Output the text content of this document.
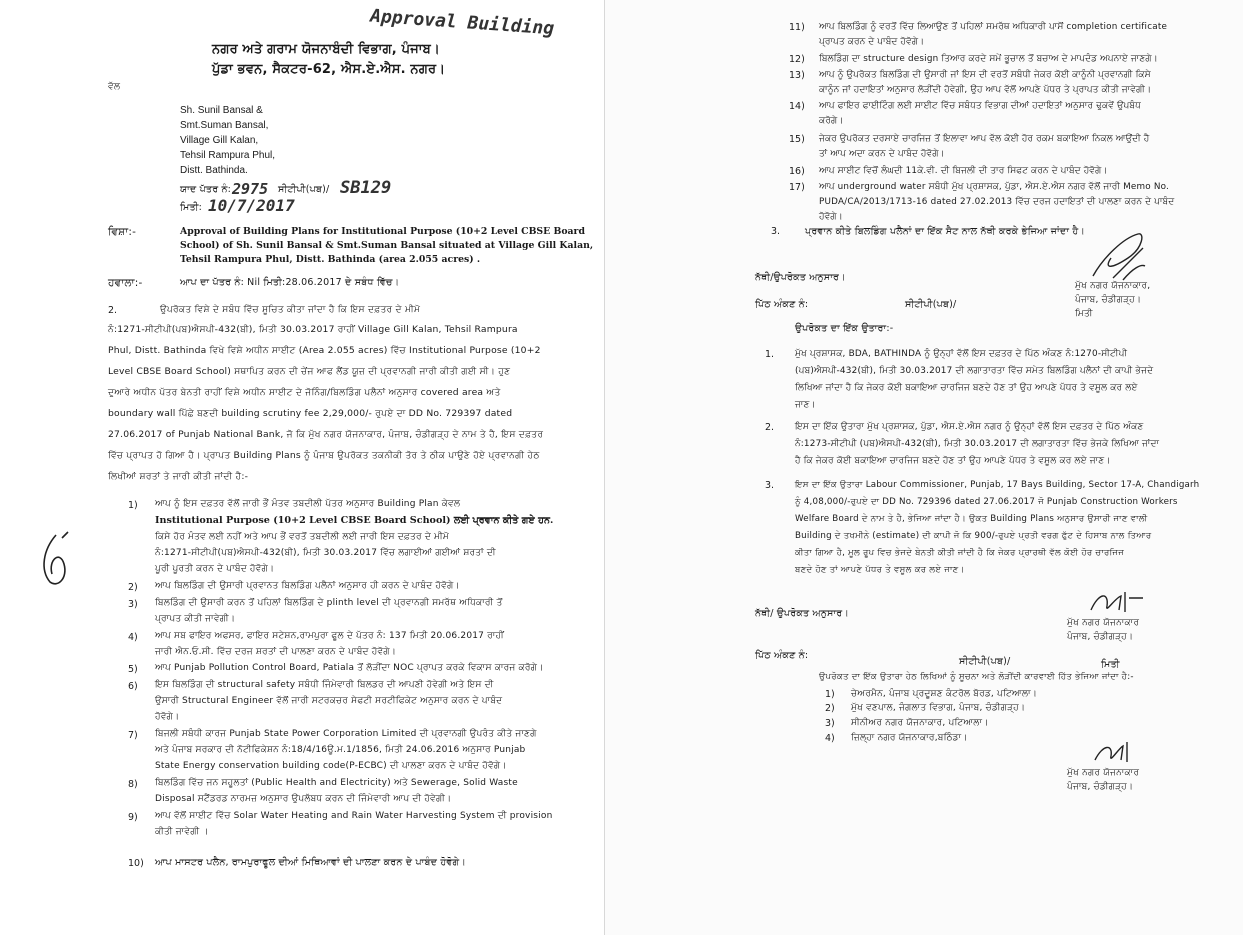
Approval Building
ਨਗਰ ਅਤੇ ਗਰਾਮ ਯੋਜਨਾਬੰਦੀ ਵਿਭਾਗ, ਪੰਜਾਬ।
ਪੁੱਡਾ ਭਵਨ, ਸੈਕਟਰ-62, ਐਸ.ਏ.ਐਸ. ਨਗਰ।
ਵੱਲ
Sh. Sunil Bansal &
Smt.Suman Bansal,
Village Gill Kalan,
Tehsil Rampura Phul,
Distt. Bathinda.
ਯਾਦ ਪੱਤਰ ਨੰ: 2975 ਸੀਟੀਪੀ(ਪਬ)/ SB129
ਮਿਤੀ: 10/7/2017
ਵਿਸ਼ਾ:-	Approval of Building Plans for Institutional Purpose (10+2 Level CBSE Board
School) of Sh. Sunil Bansal & Smt.Suman Bansal situated at Village Gill Kalan,
Tehsil Rampura Phul, Distt. Bathinda (area 2.055 acres) .
ਹਵਾਲਾ:-	ਆਪ ਦਾ ਪੱਤਰ ਨੰ: Nil ਮਿਤੀ:28.06.2017 ਦੇ ਸਬੰਧ ਵਿੱਚ।
2.	ਉਪਰੋਕਤ ਵਿਸ਼ੇ ਦੇ ਸਬੰਧ ਵਿੱਚ ਸੂਚਿਤ ਕੀਤਾ ਜਾਂਦਾ ਹੈ ਕਿ ਇਸ ਦਫ਼ਤਰ ਦੇ ਮੀਮੋ
ਨੰ:1271-ਸੀਟੀਪੀ(ਪਬ)ਐਸਪੀ-432(ਬੀ), ਮਿਤੀ 30.03.2017 ਰਾਹੀਂ Village Gill Kalan, Tehsil Rampura
Phul, Distt. Bathinda ਵਿਖੇ ਵਿਸ਼ੇ ਅਧੀਨ ਸਾਈਟ (Area 2.055 acres) ਵਿੱਚ Institutional Purpose (10+2
Level CBSE Board School) ਸਥਾਪਿਤ ਕਰਨ ਦੀ ਚੇਂਜ ਆਫ ਲੈਂਡ ਯੂਜ਼ ਦੀ ਪ੍ਰਵਾਨਗੀ ਜਾਰੀ ਕੀਤੀ ਗਈ ਸੀ। ਹੁਣ
ਦੁਆਰੇ ਅਧੀਨ ਪੱਤਰ ਬੇਨਤੀ ਰਾਹੀਂ ਵਿਸ਼ੇ ਅਧੀਨ ਸਾਈਟ ਦੇ ਜੋਨਿੰਗ/ਬਿਲਡਿੰਗ ਪਲੈਨਾਂ ਅਨੁਸਾਰ covered area ਅਤੇ
boundary wall ਪਿੱਛੇ ਬਣਦੀ building scrutiny fee 2,29,000/- ਰੁਪਏ ਦਾ DD No. 729397 dated
27.06.2017 of Punjab National Bank, ਜੋ ਕਿ ਮੁੱਖ ਨਗਰ ਯੋਜਨਾਕਾਰ, ਪੰਜਾਬ, ਚੰਡੀਗੜ੍ਹ ਦੇ ਨਾਮ ਤੇ ਹੈ, ਇਸ ਦਫ਼ਤਰ
ਵਿੱਚ ਪ੍ਰਾਪਤ ਹੋ ਗਿਆ ਹੈ। ਪ੍ਰਾਪਤ Building Plans ਨੂੰ ਪੰਜਾਬ ਉਪਰੋਕਤ ਤਕਨੀਕੀ ਤੋਰ ਤੇ ਠੀਕ ਪਾਉਣੇ ਹੋਏ ਪ੍ਰਵਾਨਗੀ ਹੇਠ
ਲਿਖੀਆਂ ਸ਼ਰਤਾਂ ਤੇ ਜਾਰੀ ਕੀਤੀ ਜਾਂਦੀ ਹੈ:-
1) ਆਪ ਨੂੰ ਇਸ ਦਫ਼ਤਰ ਵੱਲੋਂ ਜਾਰੀ ਭੌਂ ਮੰਤਵ ਤਬਦੀਲੀ ਪੱਤਰ ਅਨੁਸਾਰ Building Plan ਕੇਵਲ
Institutional Purpose (10+2 Level CBSE Board School) ਲਈ ਪ੍ਰਵਾਨ ਕੀਤੇ ਗਏ ਹਨ.
ਕਿਸੇ ਹੋਰ ਮੰਤਵ ਲਈ ਨਹੀਂ ਅਤੇ ਆਪ ਭੌਂ ਵਰਤੋਂ ਤਬਦੀਲੀ ਲਈ ਜਾਰੀ ਇਸ ਦਫ਼ਤਰ ਦੇ ਮੀਮੋ
ਨੰ:1271-ਸੀਟੀਪੀ(ਪਬ)ਐਸਪੀ-432(ਬੀ), ਮਿਤੀ 30.03.2017 ਵਿੱਚ ਲਗਾਈਆਂ ਗਈਆਂ ਸ਼ਰਤਾਂ ਦੀ
ਪੂਰੀ ਪੂਰਤੀ ਕਰਨ ਦੇ ਪਾਬੰਦ ਹੋਵੋਗੇ।
2) ਆਪ ਬਿਲਡਿੰਗ ਦੀ ਉਸਾਰੀ ਪ੍ਰਵਾਨਤ ਬਿਲਡਿੰਗ ਪਲੈਨਾਂ ਅਨੁਸਾਰ ਹੀ ਕਰਨ ਦੇ ਪਾਬੰਦ ਹੋਵੋਗੇ।
3) ਬਿਲਡਿੰਗ ਦੀ ਉਸਾਰੀ ਕਰਨ ਤੋਂ ਪਹਿਲਾਂ ਬਿਲਡਿੰਗ ਦੇ plinth level ਦੀ ਪ੍ਰਵਾਨਗੀ ਸਮਰੱਥ ਅਧਿਕਾਰੀ ਤੋਂ
ਪ੍ਰਾਪਤ ਕੀਤੀ ਜਾਵੇਗੀ।
4) ਆਪ ਸਬ ਫਾਇਰ ਅਫਸਰ, ਫਾਇਰ ਸਟੇਸ਼ਨ,ਰਾਮਪੁਰਾ ਫੂਲ ਦੇ ਪੱਤਰ ਨੰ: 137 ਮਿਤੀ 20.06.2017 ਰਾਹੀਂ
ਜਾਰੀ ਐਨ.ਓ.ਸੀ. ਵਿੱਚ ਦਰਜ ਸ਼ਰਤਾਂ ਦੀ ਪਾਲਣਾ ਕਰਨ ਦੇ ਪਾਬੰਦ ਹੋਵੋਗੇ।
5) ਆਪ Punjab Pollution Control Board, Patiala ਤੋਂ ਲੋੜੀਂਦਾ NOC ਪ੍ਰਾਪਤ ਕਰਕੇ ਵਿਕਾਸ ਕਾਰਜ ਕਰੋਗੇ।
6) ਇਸ ਬਿਲਡਿੰਗ ਦੀ structural safety ਸਬੰਧੀ ਜਿੰਮੇਵਾਰੀ ਬਿਲਡਰ ਦੀ ਆਪਣੀ ਹੋਵੇਗੀ ਅਤੇ ਇਸ ਦੀ
ਉਸਾਰੀ Structural Engineer ਵੱਲੋਂ ਜਾਰੀ ਸਟਰਕਚਰ ਸੇਫਟੀ ਸਰਟੀਫਿਕੇਟ ਅਨੁਸਾਰ ਕਰਨ ਦੇ ਪਾਬੰਦ
ਹੋਵੋਗੇ।
7) ਬਿਜਲੀ ਸਬੰਧੀ ਕਾਰਜ Punjab State Power Corporation Limited ਦੀ ਪ੍ਰਵਾਨਗੀ ਉਪਰੰਤ ਕੀਤੇ ਜਾਣਗੇ
ਅਤੇ ਪੰਜਾਬ ਸਰਕਾਰ ਦੀ ਨੋਟੀਫਿਕੇਸ਼ਨ ਨੰ:18/4/16ਊ.ਮ.1/1856, ਮਿਤੀ 24.06.2016 ਅਨੁਸਾਰ Punjab
State Energy conservation building code(P-ECBC) ਦੀ ਪਾਲਣਾ ਕਰਨ ਦੇ ਪਾਬੰਦ ਹੋਵੋਗੇ।
8) ਬਿਲਡਿੰਗ ਵਿੱਚ ਜਨ ਸਹੂਲਤਾਂ (Public Health and Electricity) ਅਤੇ Sewerage, Solid Waste
Disposal ਸਟੈਂਡਰਡ ਨਾਰਮਜ਼ ਅਨੁਸਾਰ ਉਪਲੱਬਧ ਕਰਨ ਦੀ ਜਿੰਮੇਵਾਰੀ ਆਪ ਦੀ ਹੋਵੇਗੀ।
9) ਆਪ ਵੱਲੋਂ ਸਾਈਟ ਵਿੱਚ Solar Water Heating and Rain Water Harvesting System ਦੀ provision
ਕੀਤੀ ਜਾਵੇਗੀ ।
10) ਆਪ ਮਾਸਟਰ ਪਲੈਨ, ਰਾਮਪੁਰਾਫੂਲ ਦੀਆਂ ਮਿਥਿਆਵਾਂ ਦੀ ਪਾਲਣਾ ਕਰਨ ਦੇ ਪਾਬੰਦ ਹੋਵੋਗੇ।
11) ਆਪ ਬਿਲਡਿੰਗ ਨੂੰ ਵਰਤੋਂ ਵਿੱਚ ਲਿਆਉਣ ਤੋਂ ਪਹਿਲਾਂ ਸਮਰੱਥ ਅਧਿਕਾਰੀ ਪਾਸੋਂ completion certificate
ਪ੍ਰਾਪਤ ਕਰਨ ਦੇ ਪਾਬੰਦ ਹੋਵੋਗੇ।
12) ਬਿਲਡਿੰਗ ਦਾ structure design ਤਿਆਰ ਕਰਦੇ ਸਮੇਂ ਭੂਚਾਲ ਤੋਂ ਬਚਾਅ ਦੇ ਮਾਪਦੰਡ ਅਪਨਾਏ ਜਾਣਗੇ।
13) ਆਪ ਨੂੰ ਉਪਰੋਕਤ ਬਿਲਡਿੰਗ ਦੀ ਉਸਾਰੀ ਜਾਂ ਇਸ ਦੀ ਵਰਤੋਂ ਸਬੰਧੀ ਜੇਕਰ ਕੋਈ ਕਾਨੂੰਨੀ ਪ੍ਰਵਾਨਗੀ ਕਿਸੇ
ਕਾਨੂੰਨ ਜਾਂ ਹਦਾਇਤਾਂ ਅਨੁਸਾਰ ਲੋੜੀਂਦੀ ਹੋਵੇਗੀ, ਉਹ ਆਪ ਵੱਲੋਂ ਆਪਣੇ ਪੱਧਰ ਤੇ ਪ੍ਰਾਪਤ ਕੀਤੀ ਜਾਵੇਗੀ।
14) ਆਪ ਫਾਇਰ ਫਾਈਟਿੰਗ ਲਈ ਸਾਈਟ ਵਿੱਚ ਸਬੰਧਤ ਵਿਭਾਗ ਦੀਆਂ ਹਦਾਇਤਾਂ ਅਨੁਸਾਰ ਢੁਕਵੇਂ ਉਪਬੰਧ
ਕਰੋਗੇ।
15) ਜੇਕਰ ਉਪਰੋਕਤ ਦਰਸਾਏ ਚਾਰਜਿਜ਼ ਤੋਂ ਇਲਾਵਾ ਆਪ ਵੱਲ ਕੋਈ ਹੋਰ ਰਕਮ ਬਕਾਇਆ ਨਿਕਲ ਆਉਂਦੀ ਹੈ
ਤਾਂ ਆਪ ਅਦਾ ਕਰਨ ਦੇ ਪਾਬੰਦ ਹੋਵੋਗੇ।
16) ਆਪ ਸਾਈਟ ਵਿਚੋਂ ਲੰਘਦੀ 11ਕੇ.ਵੀ. ਦੀ ਬਿਜਲੀ ਦੀ ਤਾਰ ਸਿਫਟ ਕਰਨ ਦੇ ਪਾਬੰਦ ਹੋਵੋਗੇ।
17) ਆਪ underground water ਸਬੰਧੀ ਮੁੱਖ ਪ੍ਰਸ਼ਾਸਕ, ਪੁੱਡਾ, ਐਸ.ਏ.ਐਸ ਨਗਰ ਵੱਲੋਂ ਜਾਰੀ Memo No.
PUDA/CA/2013/1713-16 dated 27.02.2013 ਵਿੱਚ ਦਰਜ ਹਦਾਇਤਾਂ ਦੀ ਪਾਲਣਾ ਕਰਨ ਦੇ ਪਾਬੰਦ
ਹੋਵੋਗੇ।
3.	ਪ੍ਰਵਾਨ ਕੀਤੇ ਬਿਲਡਿੰਗ ਪਲੈਨਾਂ ਦਾ ਇੱਕ ਸੈਟ ਨਾਲ ਨੱਥੀ ਕਰਕੇ ਭੇਜਿਆ ਜਾਂਦਾ ਹੈ।
ਨੱਥੀ/ਉਪਰੋਕਤ ਅਨੁਸਾਰ।
ਮੁੱਖ ਨਗਰ ਯੋਜਨਾਕਾਰ,
ਪੰਜਾਬ, ਚੰਡੀਗੜ੍ਹ।
ਮਿਤੀ
ਪਿੱਠ ਅੰਕਣ ਨੰ:	ਸੀਟੀਪੀ(ਪਬ)/
ਉਪਰੋਕਤ ਦਾ ਇੱਕ ਉਤਾਰਾ:-
1. ਮੁੱਖ ਪ੍ਰਸ਼ਾਸਕ, BDA, BATHINDA ਨੂੰ ਉਨ੍ਹਾਂ ਵੱਲੋਂ ਇਸ ਦਫ਼ਤਰ ਦੇ ਪਿੱਠ ਅੰਕਣ ਨੰ:1270-ਸੀਟੀਪੀ
(ਪਬ)ਐਸਪੀ-432(ਬੀ), ਮਿਤੀ 30.03.2017 ਦੀ ਲਗਾਤਾਰਤਾ ਵਿੱਚ ਸਮੇਤ ਬਿਲਡਿੰਗ ਪਲੈਨਾਂ ਦੀ ਕਾਪੀ ਭੇਜਦੇ
ਲਿਖਿਆ ਜਾਂਦਾ ਹੈ ਕਿ ਜੇਕਰ ਕੋਈ ਬਕਾਇਆ ਚਾਰਜਿਜ ਬਣਦੇ ਹੋਣ ਤਾਂ ਉਹ ਆਪਣੇ ਪੱਧਰ ਤੇ ਵਸੂਲ ਕਰ ਲਏ
ਜਾਣ।
2. ਇਸ ਦਾ ਇੱਕ ਉਤਾਰਾ ਮੁੱਖ ਪ੍ਰਸ਼ਾਸਕ, ਪੁੱਡਾ, ਐਸ.ਏ.ਐਸ ਨਗਰ ਨੂੰ ਉਨ੍ਹਾਂ ਵੱਲੋਂ ਇਸ ਦਫ਼ਤਰ ਦੇ ਪਿੱਠ ਅੰਕਣ
ਨੰ:1273-ਸੀਟੀਪੀ (ਪਬ)ਐਸਪੀ-432(ਬੀ), ਮਿਤੀ 30.03.2017 ਦੀ ਲਗਾਤਾਰਤਾ ਵਿੱਚ ਭੇਜਕੇ ਲਿਖਿਆ ਜਾਂਦਾ
ਹੈ ਕਿ ਜੇਕਰ ਕੋਈ ਬਕਾਇਆ ਚਾਰਜਿਜ ਬਣਦੇ ਹੋਣ ਤਾਂ ਉਹ ਆਪਣੇ ਪੱਧਰ ਤੇ ਵਸੂਲ ਕਰ ਲਏ ਜਾਣ।
3. ਇਸ ਦਾ ਇੱਕ ਉਤਾਰਾ Labour Commissioner, Punjab, 17 Bays Building, Sector 17-A, Chandigarh
ਨੂੰ 4,08,000/-ਰੁਪਏ ਦਾ DD No. 729396 dated 27.06.2017 ਜੋ Punjab Construction Workers
Welfare Board ਦੇ ਨਾਮ ਤੇ ਹੈ, ਭੇਜਿਆ ਜਾਂਦਾ ਹੈ। ਉਕਤ Building Plans ਅਨੁਸਾਰ ਉਸਾਰੀ ਜਾਣ ਵਾਲੀ
Building ਦੇ ਤਖਮੀਨੇ (estimate) ਦੀ ਕਾਪੀ ਜੋ ਕਿ 900/-ਰੁਪਏ ਪ੍ਰਤੀ ਵਰਗ ਫੁੱਟ ਦੇ ਹਿਸਾਬ ਨਾਲ ਤਿਆਰ
ਕੀਤਾ ਗਿਆ ਹੈ, ਮੂਲ ਰੂਪ ਵਿਚ ਭੇਜਦੇ ਬੇਨਤੀ ਕੀਤੀ ਜਾਂਦੀ ਹੈ ਕਿ ਜੇਕਰ ਪ੍ਰਾਰਥੀ ਵੱਲ ਕੋਈ ਹੋਰ ਚਾਰਜਿਜ
ਬਣਦੇ ਹੋਣ ਤਾਂ ਆਪਣੇ ਪੱਧਰ ਤੇ ਵਸੂਲ ਕਰ ਲਏ ਜਾਣ।
ਨੱਥੀ/ ਉਪਰੋਕਤ ਅਨੁਸਾਰ।
ਮੁੱਖ ਨਗਰ ਯੋਜਨਾਕਾਰ
ਪੰਜਾਬ, ਚੰਡੀਗੜ੍ਹ।
ਪਿੱਠ ਅੰਕਣ ਨੰ:
ਸੀਟੀਪੀ(ਪਬ)/	ਮਿਤੀ
ਉਪਰੋਕਤ ਦਾ ਇੱਕ ਉਤਾਰਾ ਹੇਠ ਲਿਖਿਆਂ ਨੂੰ ਸੂਚਨਾ ਅਤੇ ਲੋੜੀਂਦੀ ਕਾਰਵਾਈ ਹਿੱਤ ਭੇਜਿਆ ਜਾਂਦਾ ਹੈ:-
1) ਚੇਅਰਮੈਨ, ਪੰਜਾਬ ਪ੍ਰਦੂਸ਼ਣ ਕੰਟਰੋਲ ਬੋਰਡ, ਪਟਿਆਲਾ।
2) ਮੁੱਖ ਵਣਪਾਲ, ਜੰਗਲਾਤ ਵਿਭਾਗ, ਪੰਜਾਬ, ਚੰਡੀਗੜ੍ਹ।
3) ਸੀਨੀਅਰ ਨਗਰ ਯੋਜਨਾਕਾਰ, ਪਟਿਆਲਾ।
4) ਜ਼ਿਲ੍ਹਾ ਨਗਰ ਯੋਜਨਾਕਾਰ,ਬਠਿੰਡਾ।
ਮੁੱਖ ਨਗਰ ਯੋਜਨਾਕਾਰ
ਪੰਜਾਬ, ਚੰਡੀਗੜ੍ਹ।
